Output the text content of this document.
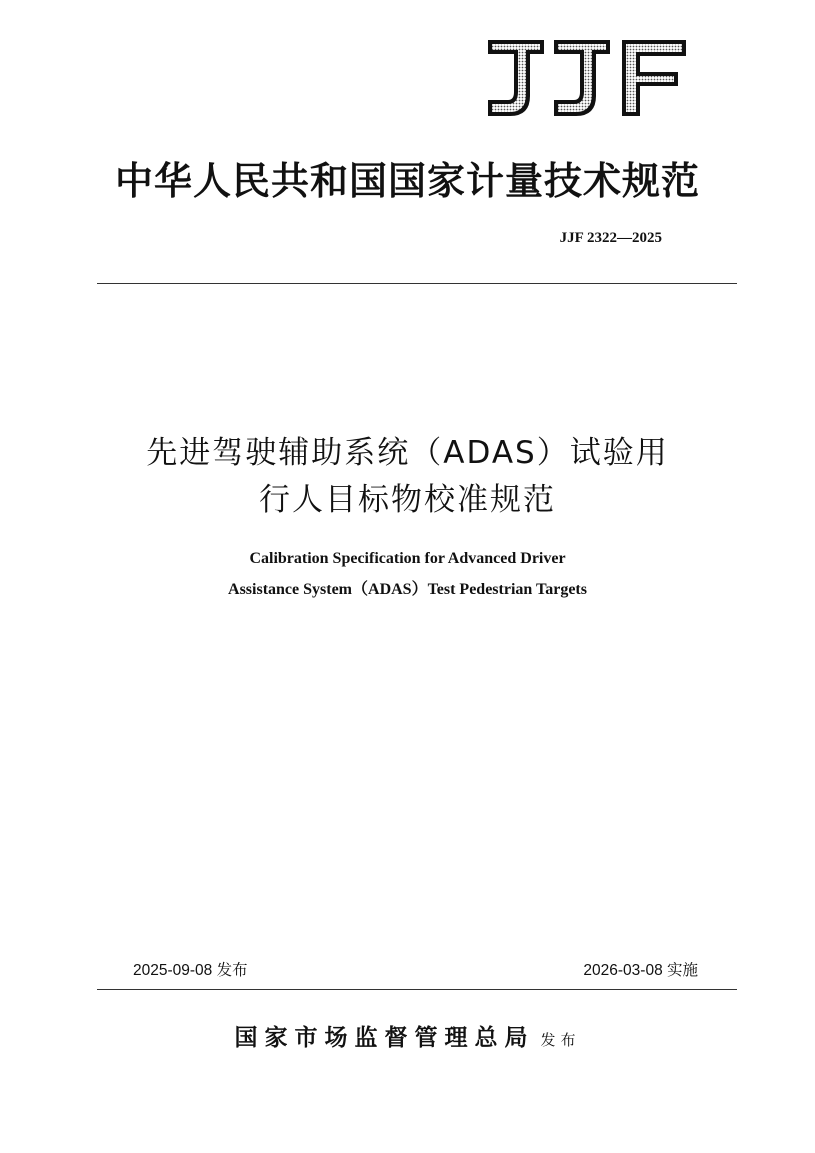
中华人民共和国国家计量技术规范
JJF 2322—2025
先进驾驶辅助系统（ADAS）试验用
行人目标物校准规范
Calibration Specification for Advanced Driver
Assistance System（ADAS）Test Pedestrian Targets
2025-09-08 发布	2026-03-08 实施
国家市场监督管理总局 发布
